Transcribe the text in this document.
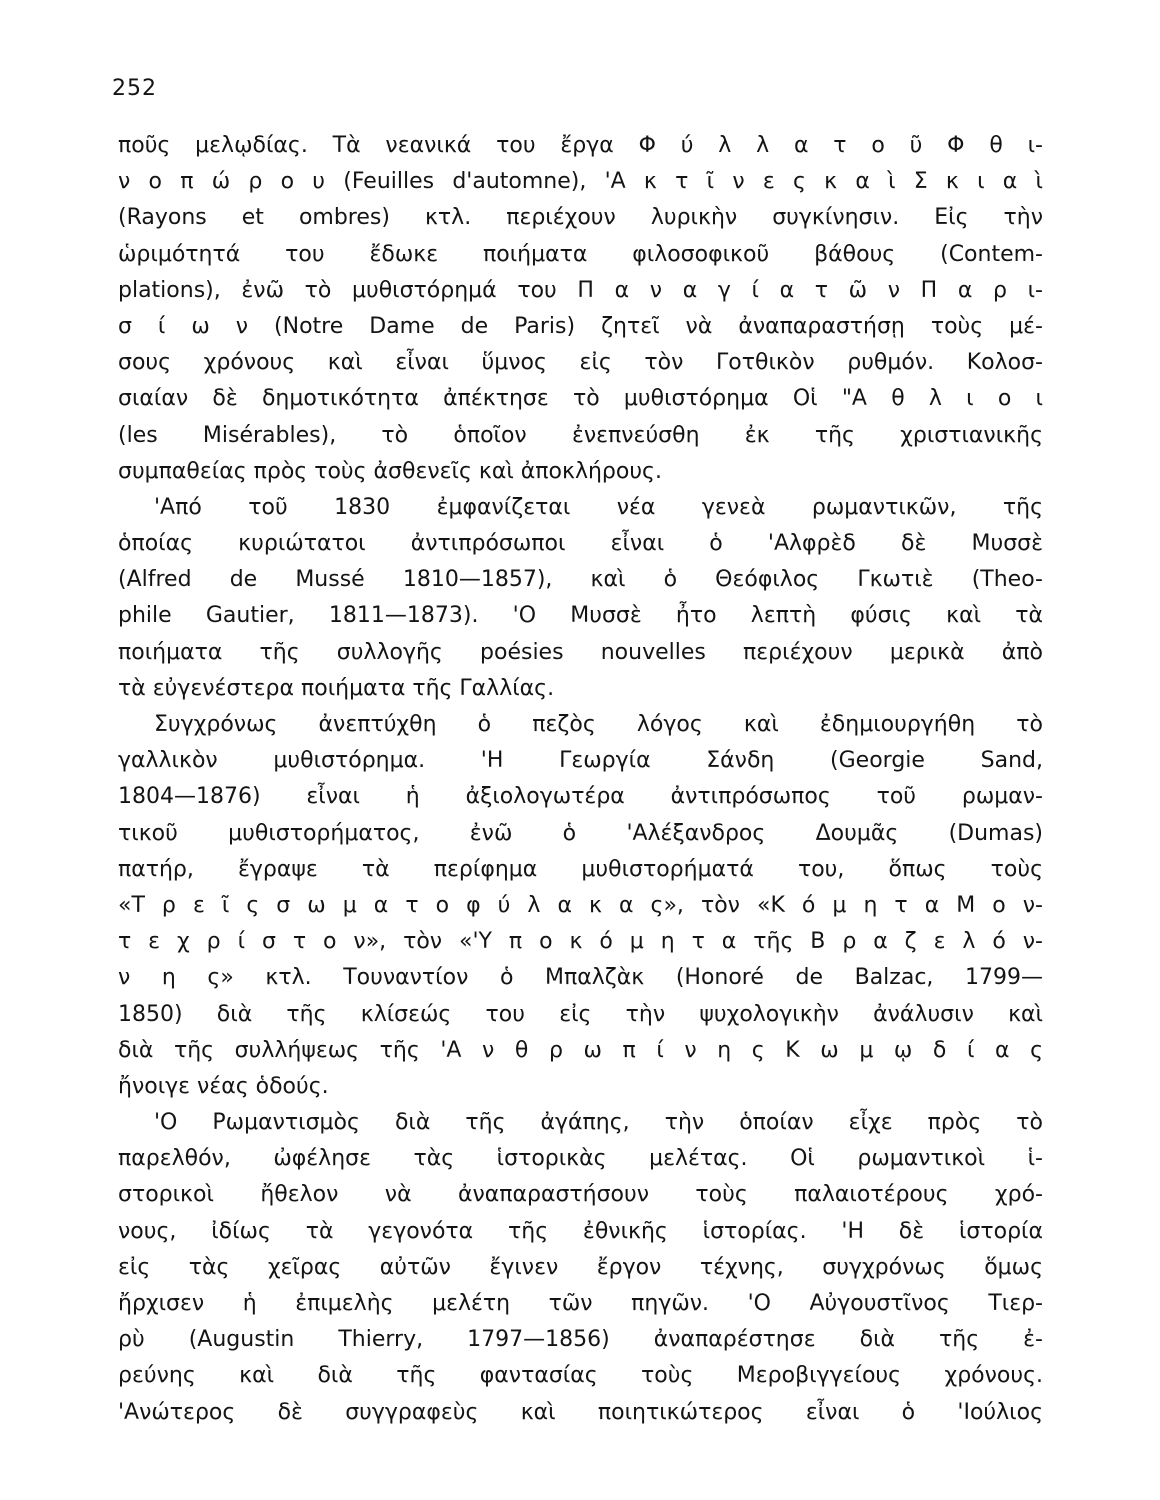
252
ποῦς μελῳδίας. Τὰ νεανικά του ἔργα Φ ύ λ λ α τ ο ῦ Φ θ ι-
ν ο π ώ ρ ο υ (Feuilles d'automne), 'Α κ τ ῖ ν ε ς κ α ὶ Σ κ ι α ὶ
(Rayons et ombres) κτλ. περιέχουν λυρικὴν συγκίνησιν. Εἰς τὴν
ὡριμότητά του ἔδωκε ποιήματα φιλοσοφικοῦ βάθους (Contem-
plations), ἐνῶ τὸ μυθιστόρημά του Π α ν α γ ί α τ ῶ ν Π α ρ ι-
σ ί ω ν (Notre Dame de Paris) ζητεῖ νὰ ἀναπαραστήσῃ τοὺς μέ-
σους χρόνους καὶ εἶναι ὕμνος εἰς τὸν Γοτθικὸν ρυθμόν. Κολοσ-
σιαίαν δὲ δημοτικότητα ἀπέκτησε τὸ μυθιστόρημα Οἱ "Α θ λ ι ο ι
(les Misérables), τὸ ὁποῖον ἐνεπνεύσθη ἐκ τῆς χριστιανικῆς
συμπαθείας πρὸς τοὺς ἀσθενεῖς καὶ ἀποκλήρους.
'Από τοῦ 1830 ἐμφανίζεται νέα γενεὰ ρωμαντικῶν, τῆς
ὁποίας κυριώτατοι ἀντιπρόσωποι εἶναι ὁ 'Αλφρὲδ δὲ Μυσσὲ
(Alfred de Mussé 1810—1857), καὶ ὁ Θεόφιλος Γκωτιὲ (Theo-
phile Gautier, 1811—1873). 'Ο Μυσσὲ ἦτο λεπτὴ φύσις καὶ τὰ
ποιήματα τῆς συλλογῆς poésies nouvelles περιέχουν μερικὰ ἀπὸ
τὰ εὐγενέστερα ποιήματα τῆς Γαλλίας.
Συγχρόνως ἀνεπτύχθη ὁ πεζὸς λόγος καὶ ἐδημιουργήθη τὸ
γαλλικὸν μυθιστόρημα. 'Η Γεωργία Σάνδη (Georgie Sand,
1804—1876) εἶναι ἡ ἀξιολογωτέρα ἀντιπρόσωπος τοῦ ρωμαν-
τικοῦ μυθιστορήματος, ἐνῶ ὁ 'Αλέξανδρος Δουμᾶς (Dumas)
πατήρ, ἔγραψε τὰ περίφημα μυθιστορήματά του, ὅπως τοὺς
«Τ ρ ε ῖ ς σ ω μ α τ ο φ ύ λ α κ α ς», τὸν «Κ ό μ η τ α Μ ο ν-
τ ε χ ρ ί σ τ ο ν», τὸν «'Υ π ο κ ό μ η τ α τῆς Β ρ α ζ ε λ ό ν-
ν η ς» κτλ. Τουναντίον ὁ Μπαλζὰκ (Honoré de Balzac, 1799—
1850) διὰ τῆς κλίσεώς του εἰς τὴν ψυχολογικὴν ἀνάλυσιν καὶ
διὰ τῆς συλλήψεως τῆς 'Α ν θ ρ ω π ί ν η ς Κ ω μ ῳ δ ί α ς
ἤνοιγε νέας ὁδούς.
'Ο Ρωμαντισμὸς διὰ τῆς ἀγάπης, τὴν ὁποίαν εἶχε πρὸς τὸ
παρελθόν, ὠφέλησε τὰς ἱστορικὰς μελέτας. Οἱ ρωμαντικοὶ ἱ-
στορικοὶ ἤθελον νὰ ἀναπαραστήσουν τοὺς παλαιοτέρους χρό-
νους, ἰδίως τὰ γεγονότα τῆς ἐθνικῆς ἱστορίας. 'Η δὲ ἱστορία
εἰς τὰς χεῖρας αὐτῶν ἔγινεν ἔργον τέχνης, συγχρόνως ὅμως
ἤρχισεν ἡ ἐπιμελὴς μελέτη τῶν πηγῶν. 'Ο Αὐγουστῖνος Τιερ-
ρὺ (Augustin Thierry, 1797—1856) ἀναπαρέστησε διὰ τῆς ἐ-
ρεύνης καὶ διὰ τῆς φαντασίας τοὺς Μεροβιγγείους χρόνους.
'Ανώτερος δὲ συγγραφεὺς καὶ ποιητικώτερος εἶναι ὁ 'Ιούλιος
